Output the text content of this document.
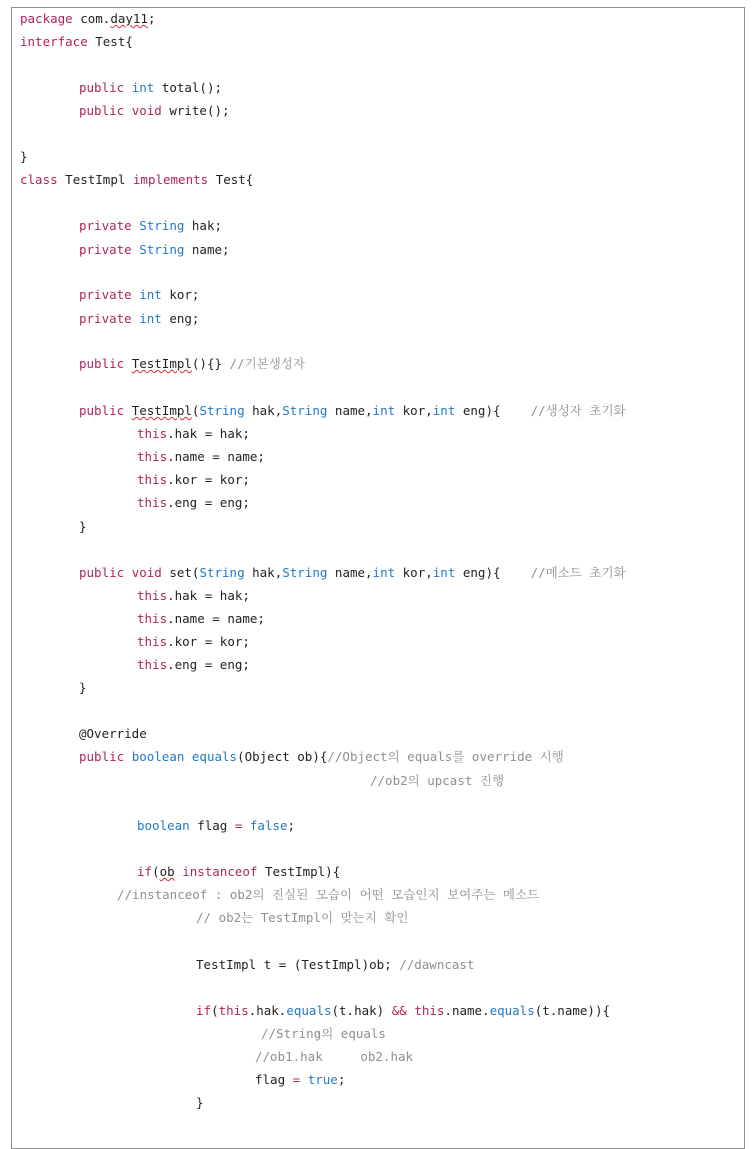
package com.day11;
interface Test{
public int total();
public void write();
}
class TestImpl implements Test{
private String hak;
private String name;
private int kor;
private int eng;
public TestImpl(){} //기본생성자
public TestImpl(String hak,String name,int kor,int eng){    //생성자 초기화
this.hak = hak;
this.name = name;
this.kor = kor;
this.eng = eng;
}
public void set(String hak,String name,int kor,int eng){    //메소드 초기화
this.hak = hak;
this.name = name;
this.kor = kor;
this.eng = eng;
}
@Override
public boolean equals(Object ob){//Object의 equals를 override 시행
//ob2의 upcast 진행
boolean flag = false;
if(ob instanceof TestImpl){
//instanceof : ob2의 진실된 모습이 어떤 모습인지 보여주는 메소드
// ob2는 TestImpl이 맞는지 확인
TestImpl t = (TestImpl)ob; //dawncast
if(this.hak.equals(t.hak) && this.name.equals(t.name)){
//String의 equals
//ob1.hak     ob2.hak
flag = true;
}
